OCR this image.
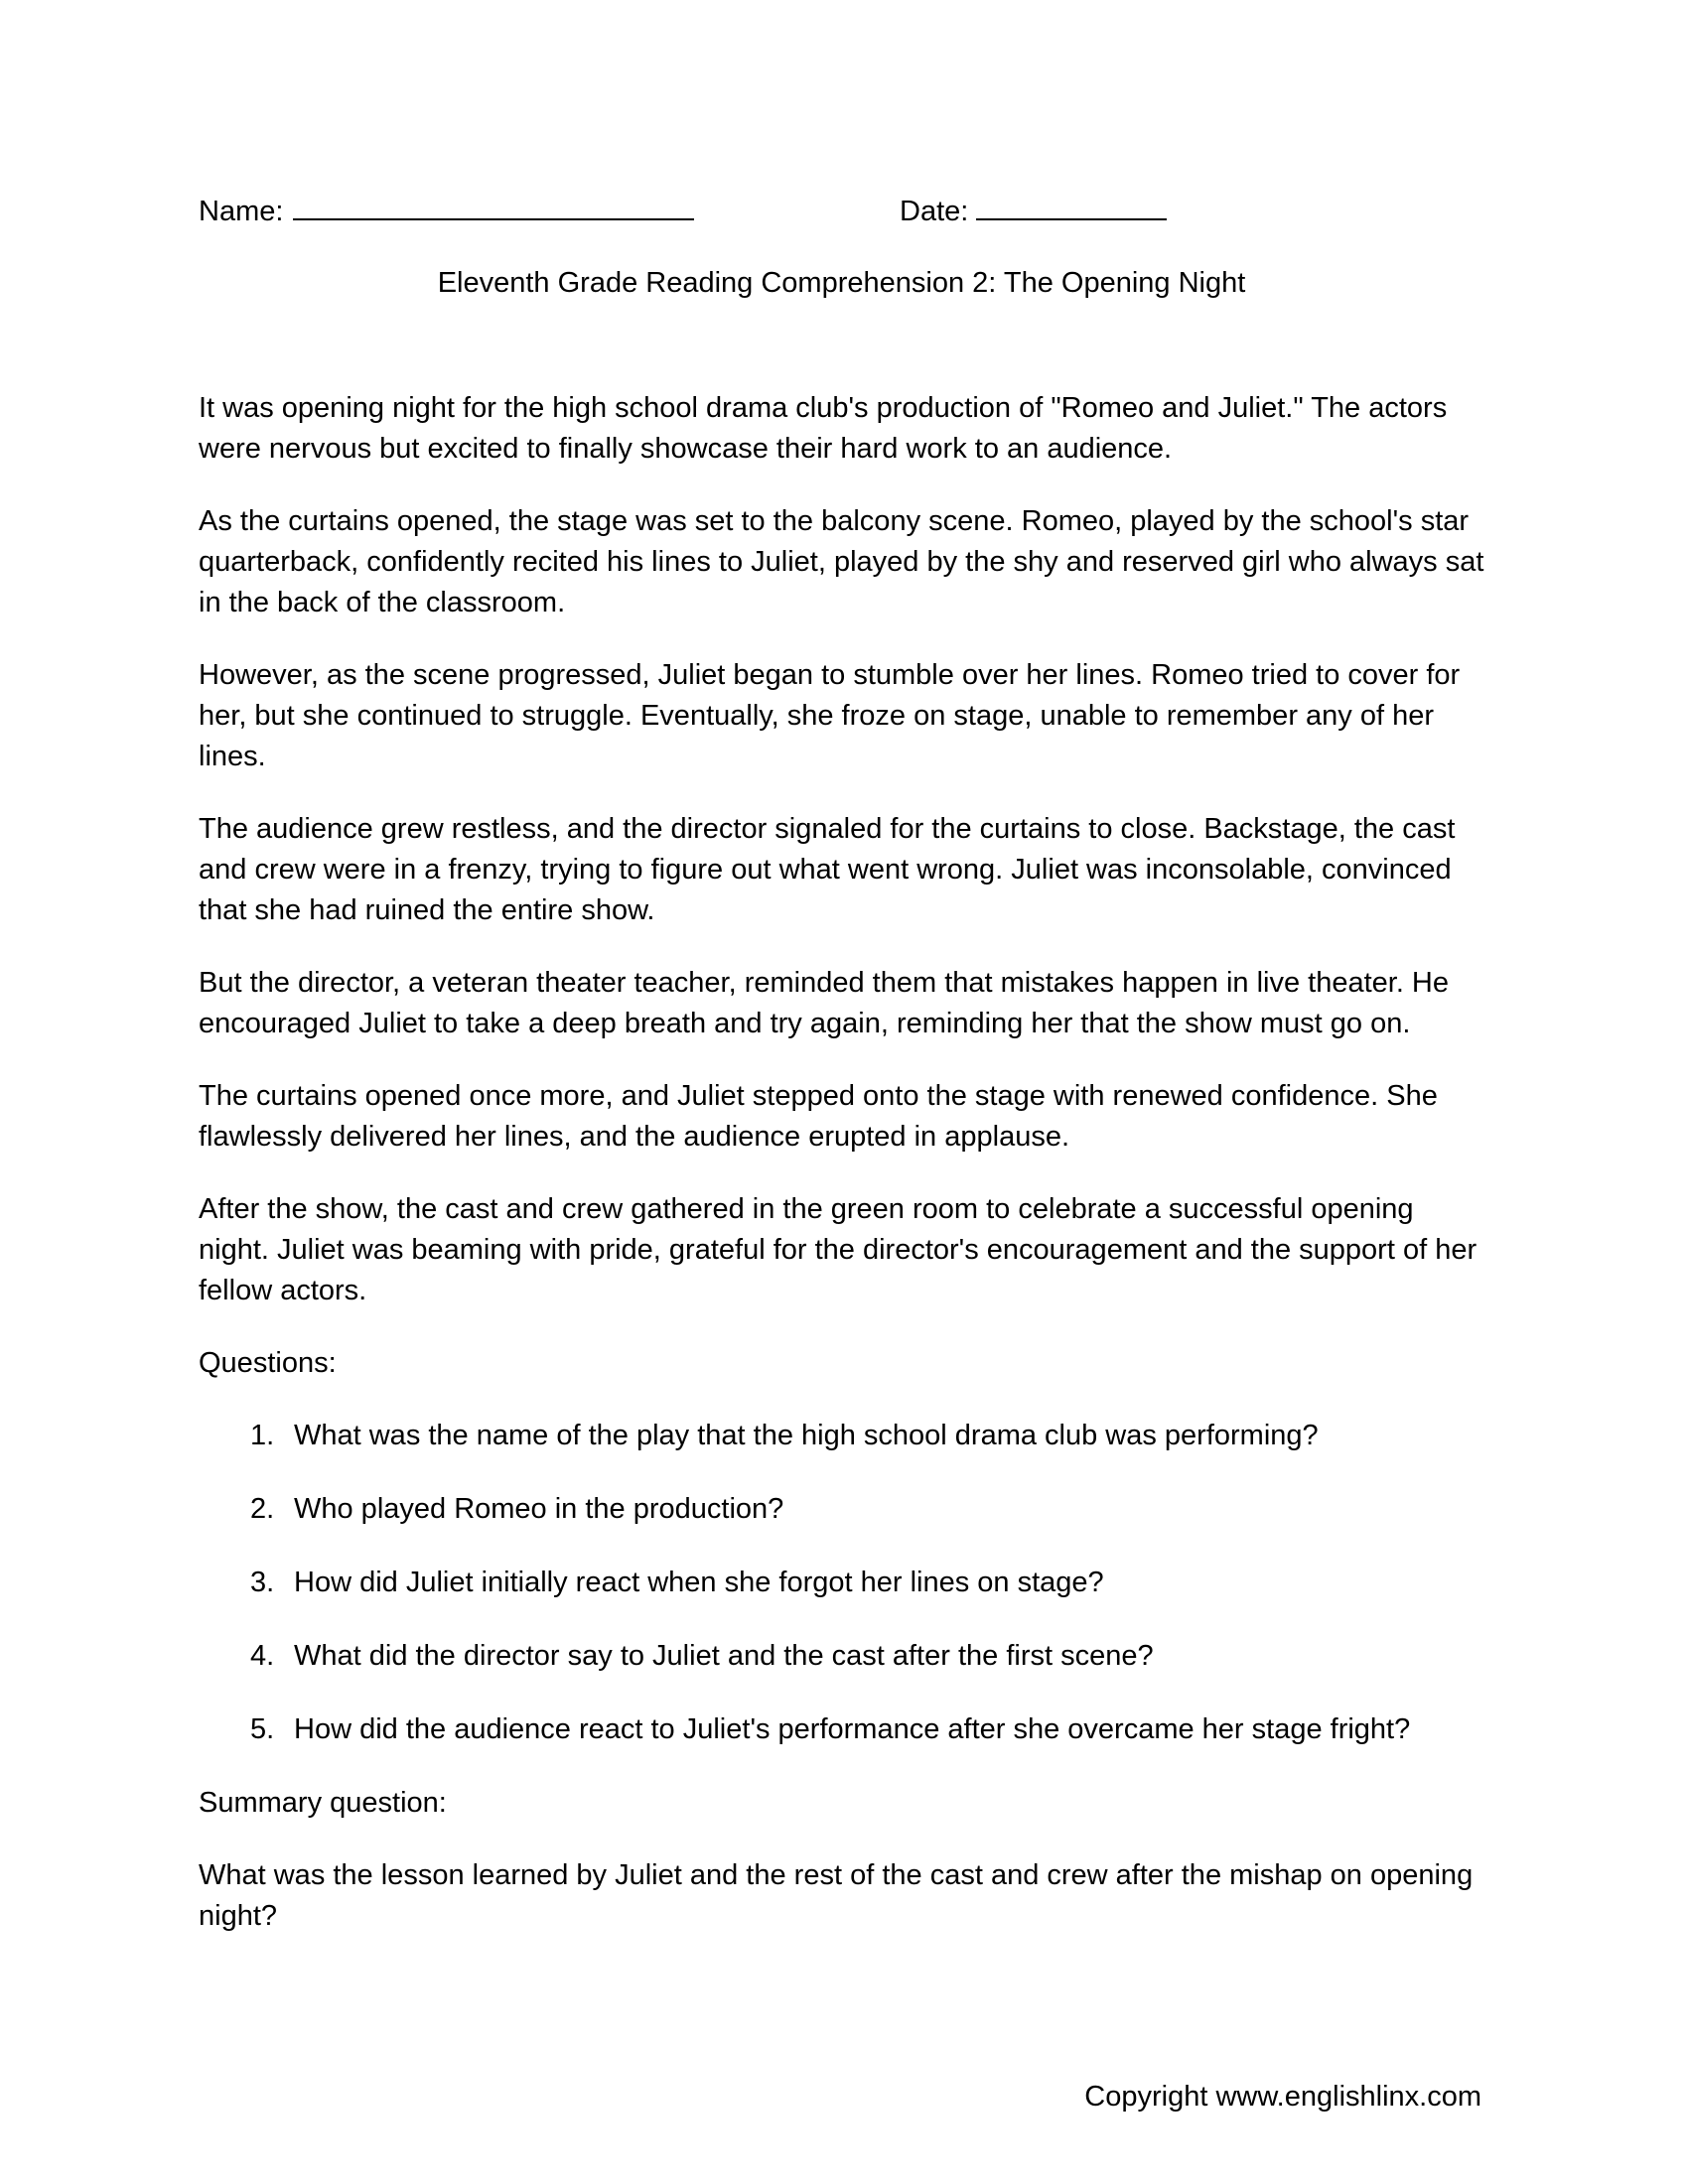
Name:	Date:
Eleventh Grade Reading Comprehension 2: The Opening Night

It was opening night for the high school drama club's production of "Romeo and Juliet." The actors were nervous but excited to finally showcase their hard work to an audience.

As the curtains opened, the stage was set to the balcony scene. Romeo, played by the school's star quarterback, confidently recited his lines to Juliet, played by the shy and reserved girl who always sat in the back of the classroom.

However, as the scene progressed, Juliet began to stumble over her lines. Romeo tried to cover for her, but she continued to struggle. Eventually, she froze on stage, unable to remember any of her lines.

The audience grew restless, and the director signaled for the curtains to close. Backstage, the cast and crew were in a frenzy, trying to figure out what went wrong. Juliet was inconsolable, convinced that she had ruined the entire show.

But the director, a veteran theater teacher, reminded them that mistakes happen in live theater. He encouraged Juliet to take a deep breath and try again, reminding her that the show must go on.

The curtains opened once more, and Juliet stepped onto the stage with renewed confidence. She flawlessly delivered her lines, and the audience erupted in applause.

After the show, the cast and crew gathered in the green room to celebrate a successful opening night. Juliet was beaming with pride, grateful for the director's encouragement and the support of her fellow actors.

Questions:

1. What was the name of the play that the high school drama club was performing?
2. Who played Romeo in the production?
3. How did Juliet initially react when she forgot her lines on stage?
4. What did the director say to Juliet and the cast after the first scene?
5. How did the audience react to Juliet's performance after she overcame her stage fright?

Summary question:

What was the lesson learned by Juliet and the rest of the cast and crew after the mishap on opening night?

Copyright www.englishlinx.com
